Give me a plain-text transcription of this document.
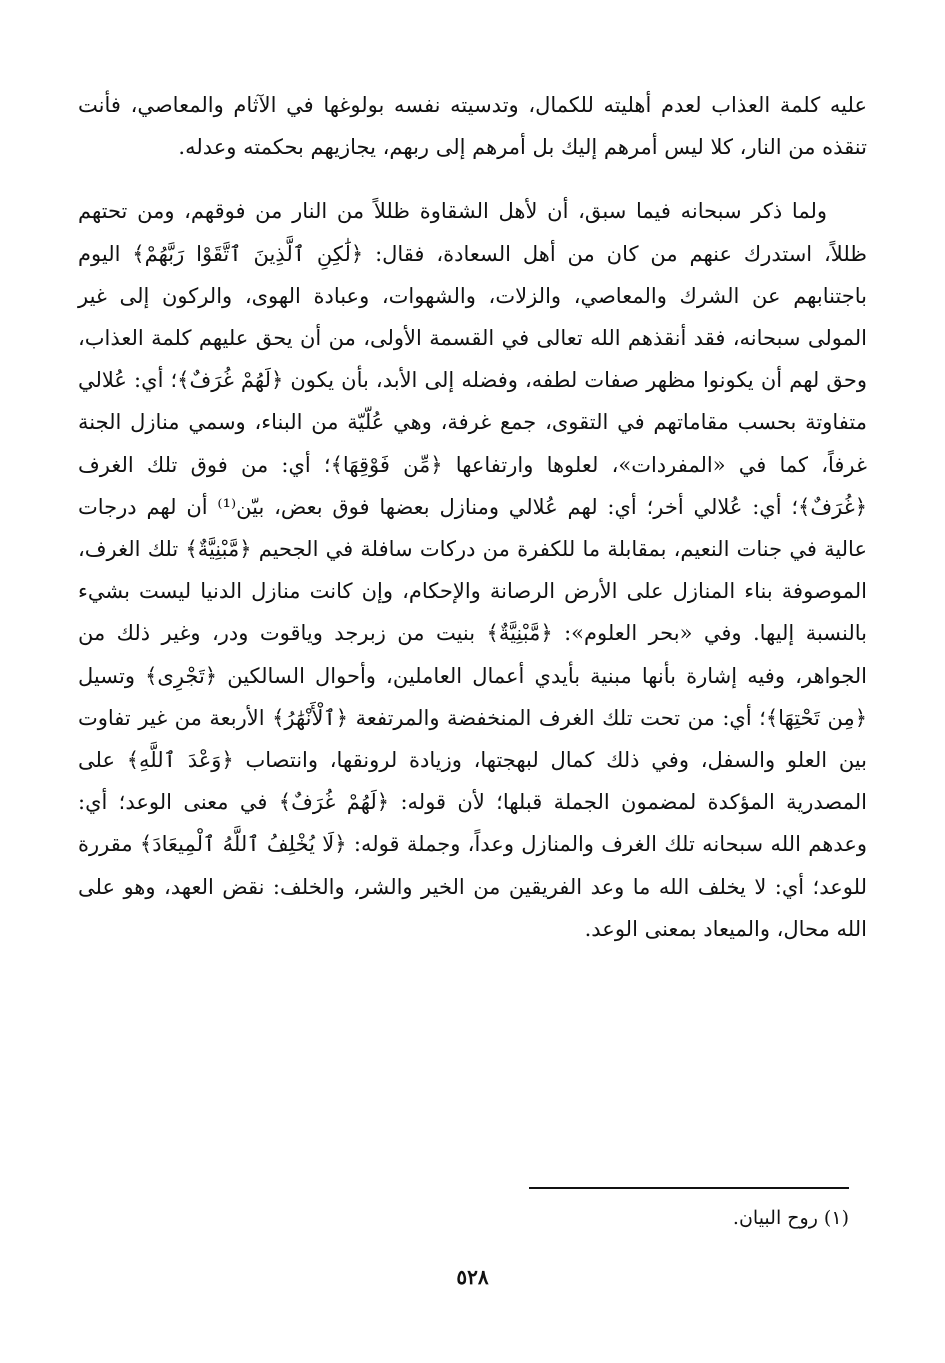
عليه كلمة العذاب لعدم أهليته للكمال، وتدسيته نفسه بولوغها في الآثام والمعاصي، فأنت تنقذه من النار، كلا ليس أمرهم إليك بل أمرهم إلى ربهم، يجازيهم بحكمته وعدله.

ولما ذكر سبحانه فيما سبق، أن لأهل الشقاوة ظللاً من النار من فوقهم، ومن تحتهم ظللاً، استدرك عنهم من كان من أهل السعادة، فقال: ﴿لَٰكِنِ ٱلَّذِينَ ٱتَّقَوْا رَبَّهُمْ﴾ اليوم باجتنابهم عن الشرك والمعاصي، والزلات، والشهوات، وعبادة الهوى، والركون إلى غير المولى سبحانه، فقد أنقذهم الله تعالى في القسمة الأولى، من أن يحق عليهم كلمة العذاب، وحق لهم أن يكونوا مظهر صفات لطفه، وفضله إلى الأبد، بأن يكون ﴿لَهُمْ غُرَفٌ﴾؛ أي: عُلالي متفاوتة بحسب مقاماتهم في التقوى، جمع غرفة، وهي عُلّيّة من البناء، وسمي منازل الجنة غرفاً، كما في «المفردات»، لعلوها وارتفاعها ﴿مِّن فَوْقِهَا﴾؛ أي: من فوق تلك الغرف ﴿غُرَفٌ﴾؛ أي: عُلالي أخر؛ أي: لهم عُلالي ومنازل بعضها فوق بعض، بيّن⁽¹⁾ أن لهم درجات عالية في جنات النعيم، بمقابلة ما للكفرة من دركات سافلة في الجحيم ﴿مَّبْنِيَّةٌ﴾ تلك الغرف، الموصوفة بناء المنازل على الأرض الرصانة والإحكام، وإن كانت منازل الدنيا ليست بشيء بالنسبة إليها. وفي «بحر العلوم»: ﴿مَّبْنِيَّةٌ﴾ بنيت من زبرجد وياقوت ودر، وغير ذلك من الجواهر، وفيه إشارة بأنها مبنية بأيدي أعمال العاملين، وأحوال السالكين ﴿تَجْرِى﴾ وتسيل ﴿مِن تَحْتِهَا﴾؛ أي: من تحت تلك الغرف المنخفضة والمرتفعة ﴿ٱلْأَنْهَٰرُ﴾ الأربعة من غير تفاوت بين العلو والسفل، وفي ذلك كمال لبهجتها، وزيادة لرونقها، وانتصاب ﴿وَعْدَ ٱللَّهِ﴾ على المصدرية المؤكدة لمضمون الجملة قبلها؛ لأن قوله: ﴿لَهُمْ غُرَفٌ﴾ في معنى الوعد؛ أي: وعدهم الله سبحانه تلك الغرف والمنازل وعداً، وجملة قوله: ﴿لَا يُخْلِفُ ٱللَّهُ ٱلْمِيعَادَ﴾ مقررة للوعد؛ أي: لا يخلف الله ما وعد الفريقين من الخير والشر، والخلف: نقض العهد، وهو على الله محال، والميعاد بمعنى الوعد.

(١) روح البيان.
٥٢٨
